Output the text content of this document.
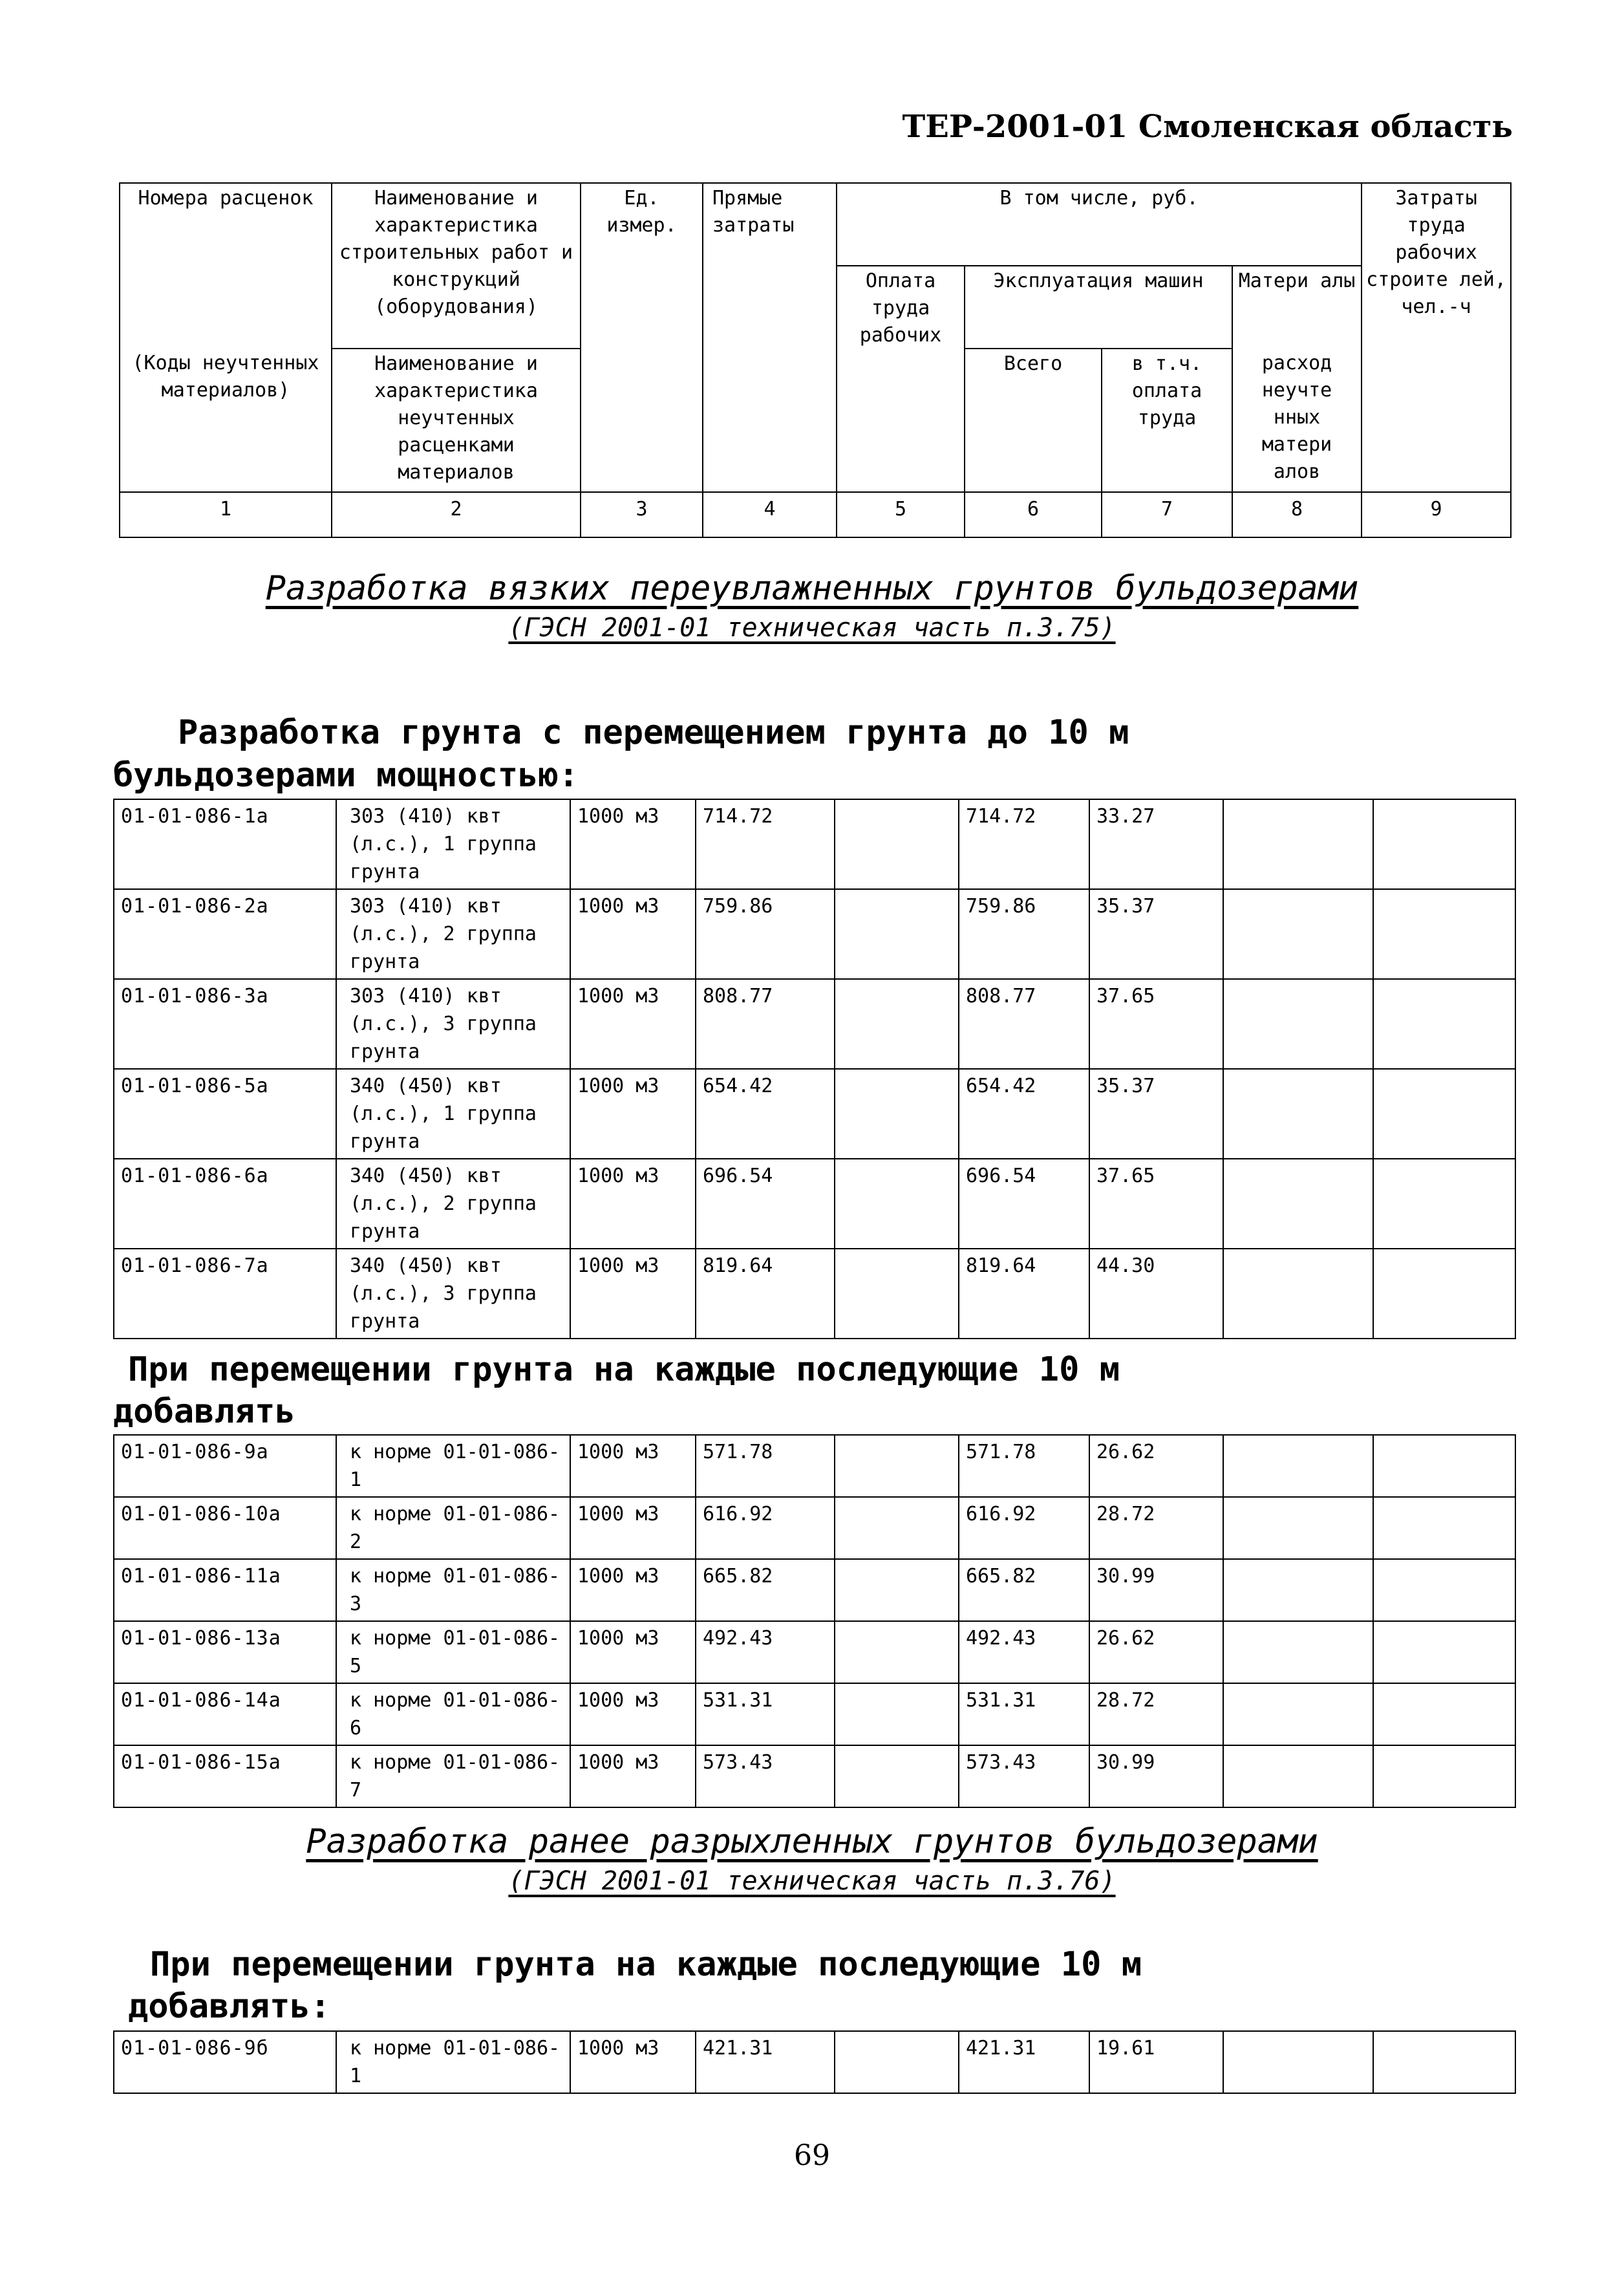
ТЕР-2001-01 Смоленская область
Номера расценок	Наименование и характеристика строительных работ и конструкций (оборудования)	Ед. измер.	Прямые затраты	В том числе, руб.				Затраты труда рабочих строите лей, чел.-ч
				Оплата труда рабочих	Эксплуатация машин		Матери алы	
(Коды неучтенных материалов)	Наименование и характеристика неучтенных расценками материалов				Всего	в т.ч. оплата труда	расход неучте нных матери алов	
1	2	3	4	5	6	7	8	9
Разработка вязких переувлажненных грунтов бульдозерами
(ГЭСН 2001-01 техническая часть п.3.75)
Разработка грунта с перемещением грунта до 10 м
бульдозерами мощностью:
01-01-086-1а	303 (410) квт (л.с.), 1 группа грунта	1000 м3	714.72		714.72	33.27		
01-01-086-2а	303 (410) квт (л.с.), 2 группа грунта	1000 м3	759.86		759.86	35.37		
01-01-086-3а	303 (410) квт (л.с.), 3 группа грунта	1000 м3	808.77		808.77	37.65		
01-01-086-5а	340 (450) квт (л.с.), 1 группа грунта	1000 м3	654.42		654.42	35.37		
01-01-086-6а	340 (450) квт (л.с.), 2 группа грунта	1000 м3	696.54		696.54	37.65		
01-01-086-7а	340 (450) квт (л.с.), 3 группа грунта	1000 м3	819.64		819.64	44.30		
При перемещении грунта на каждые последующие 10 м
добавлять
01-01-086-9а	к норме 01-01-086-1	1000 м3	571.78		571.78	26.62		
01-01-086-10а	к норме 01-01-086-2	1000 м3	616.92		616.92	28.72		
01-01-086-11а	к норме 01-01-086-3	1000 м3	665.82		665.82	30.99		
01-01-086-13а	к норме 01-01-086-5	1000 м3	492.43		492.43	26.62		
01-01-086-14а	к норме 01-01-086-6	1000 м3	531.31		531.31	28.72		
01-01-086-15а	к норме 01-01-086-7	1000 м3	573.43		573.43	30.99		
Разработка ранее разрыхленных грунтов бульдозерами
(ГЭСН 2001-01 техническая часть п.3.76)
При перемещении грунта на каждые последующие 10 м
добавлять:
01-01-086-9б	к норме 01-01-086-1	1000 м3	421.31		421.31	19.61		
69
